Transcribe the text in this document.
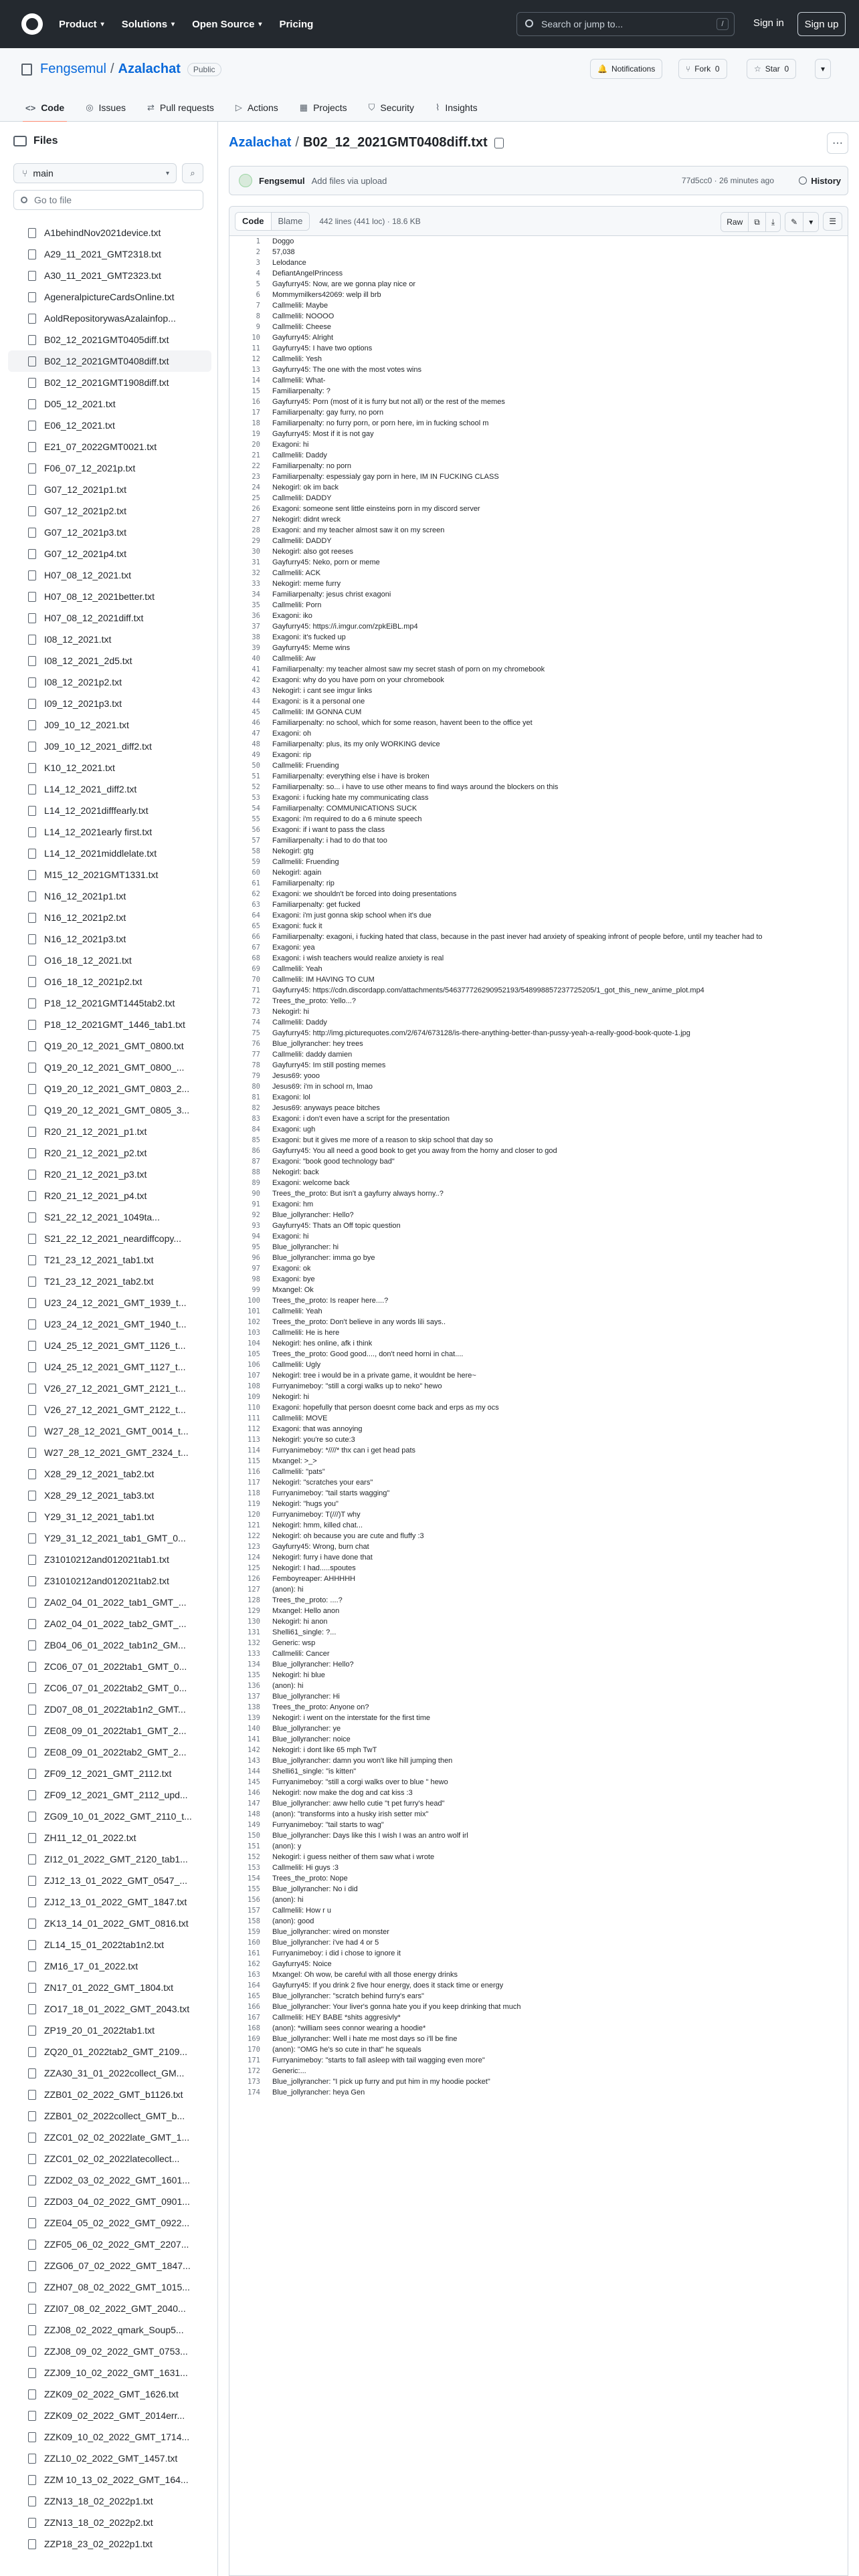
Product ▾ Solutions ▾ Open Source ▾ Pricing	Search or jump to...	/	Sign in	Sign up
Fengsemul / Azalachat	Public	🔔 Notifications	⑂ Fork
0	☆ Star
0	▾
<> Code ◎ Issues ⇄ Pull requests ▷ Actions ▦ Projects ⛉ Security ⌇ Insights
Files
⑂ main	▾ ⌕
Go to file
A1behindNov2021device.txt
A29_11_2021_GMT2318.txt
A30_11_2021_GMT2323.txt
AgeneralpictureCardsOnline.txt
AoldRepositorywasAzalainfop...
B02_12_2021GMT0405diff.txt
B02_12_2021GMT0408diff.txt
B02_12_2021GMT1908diff.txt
D05_12_2021.txt
E06_12_2021.txt
E21_07_2022GMT0021.txt
F06_07_12_2021p.txt
G07_12_2021p1.txt
G07_12_2021p2.txt
G07_12_2021p3.txt
G07_12_2021p4.txt
H07_08_12_2021.txt
H07_08_12_2021better.txt
H07_08_12_2021diff.txt
I08_12_2021.txt
I08_12_2021_2d5.txt
I08_12_2021p2.txt
I09_12_2021p3.txt
J09_10_12_2021.txt
J09_10_12_2021_diff2.txt
K10_12_2021.txt
L14_12_2021_diff2.txt
L14_12_2021difffearly.txt
L14_12_2021early first.txt
L14_12_2021middlelate.txt
M15_12_2021GMT1331.txt
N16_12_2021p1.txt
N16_12_2021p2.txt
N16_12_2021p3.txt
O16_18_12_2021.txt
O16_18_12_2021p2.txt
P18_12_2021GMT1445tab2.txt
P18_12_2021GMT_1446_tab1.txt
Q19_20_12_2021_GMT_0800.txt
Q19_20_12_2021_GMT_0800_...
Q19_20_12_2021_GMT_0803_2...
Q19_20_12_2021_GMT_0805_3...
R20_21_12_2021_p1.txt
R20_21_12_2021_p2.txt
R20_21_12_2021_p3.txt
R20_21_12_2021_p4.txt
S21_22_12_2021_1049ta...
S21_22_12_2021_neardiffcopy...
T21_23_12_2021_tab1.txt
T21_23_12_2021_tab2.txt
U23_24_12_2021_GMT_1939_t...
U23_24_12_2021_GMT_1940_t...
U24_25_12_2021_GMT_1126_t...
U24_25_12_2021_GMT_1127_t...
V26_27_12_2021_GMT_2121_t...
V26_27_12_2021_GMT_2122_t...
W27_28_12_2021_GMT_0014_t...
W27_28_12_2021_GMT_2324_t...
X28_29_12_2021_tab2.txt
X28_29_12_2021_tab3.txt
Y29_31_12_2021_tab1.txt
Y29_31_12_2021_tab1_GMT_0...
Z31010212and012021tab1.txt
Z31010212and012021tab2.txt
ZA02_04_01_2022_tab1_GMT_...
ZA02_04_01_2022_tab2_GMT_...
ZB04_06_01_2022_tab1n2_GM...
ZC06_07_01_2022tab1_GMT_0...
ZC06_07_01_2022tab2_GMT_0...
ZD07_08_01_2022tab1n2_GMT...
ZE08_09_01_2022tab1_GMT_2...
ZE08_09_01_2022tab2_GMT_2...
ZF09_12_2021_GMT_2112.txt
ZF09_12_2021_GMT_2112_upd...
ZG09_10_01_2022_GMT_2110_t...
ZH11_12_01_2022.txt
ZI12_01_2022_GMT_2120_tab1...
ZJ12_13_01_2022_GMT_0547_...
ZJ12_13_01_2022_GMT_1847.txt
ZK13_14_01_2022_GMT_0816.txt
ZL14_15_01_2022tab1n2.txt
ZM16_17_01_2022.txt
ZN17_01_2022_GMT_1804.txt
ZO17_18_01_2022_GMT_2043.txt
ZP19_20_01_2022tab1.txt
ZQ20_01_2022tab2_GMT_2109...
ZZA30_31_01_2022collect_GM...
ZZB01_02_2022_GMT_b1126.txt
ZZB01_02_2022collect_GMT_b...
ZZC01_02_02_2022late_GMT_1...
ZZC01_02_02_2022latecollect...
ZZD02_03_02_2022_GMT_1601...
ZZD03_04_02_2022_GMT_0901...
ZZE04_05_02_2022_GMT_0922...
ZZF05_06_02_2022_GMT_2207...
ZZG06_07_02_2022_GMT_1847...
ZZH07_08_02_2022_GMT_1015...
ZZI07_08_02_2022_GMT_2040...
ZZJ08_02_2022_qmark_Soup5...
ZZJ08_09_02_2022_GMT_0753...
ZZJ09_10_02_2022_GMT_1631...
ZZK09_02_2022_GMT_1626.txt
ZZK09_02_2022_GMT_2014err...
ZZK09_10_02_2022_GMT_1714...
ZZL10_02_2022_GMT_1457.txt
ZZM 10_13_02_2022_GMT_164...
ZZN13_18_02_2022p1.txt
ZZN13_18_02_2022p2.txt
ZZP18_23_02_2022p1.txt
Azalachat / B02_12_2021GMT0408diff.txt	⋯
Fengsemul Add files via upload	77d5cc0 · 26 minutes ago	History
Code	Blame	442 lines (441 loc) · 18.6 KB	Raw	⧉ ⤓ ✎ ▾ ☰
1	Doggo
2	57,038
3	Lelodance
4	DefiantAngelPrincess
5	Gayfurry45: Now, are we gonna play nice or
6	Mommymilkers42069: welp ill brb
7	Callmelili: Maybe
8	Callmelili: NOOOO
9	Callmelili: Cheese
10	Gayfurry45: Alright
11	Gayfurry45: I have two options
12	Callmelili: Yesh
13	Gayfurry45: The one with the most votes wins
14	Callmelili: What-
15	Familiarpenalty: ?
16	Gayfurry45: Porn (most of it is furry but not all) or the rest of the memes
17	Familiarpenalty: gay furry, no porn
18	Familiarpenalty: no furry porn, or porn here, im in fucking school m
19	Gayfurry45: Most if it is not gay
20	Exagoni: hi
21	Callmelili: Daddy
22	Familiarpenalty: no porn
23	Familiarpenalty: espessialy gay porn in here, IM IN FUCKING CLASS
24	Nekogirl: ok im back
25	Callmelili: DADDY
26	Exagoni: someone sent little einsteins porn in my discord server
27	Nekogirl: didnt wreck
28	Exagoni: and my teacher almost saw it on my screen
29	Callmelili: DADDY
30	Nekogirl: also got reeses
31	Gayfurry45: Neko, porn or meme
32	Callmelili: ACK
33	Nekogirl: meme furry
34	Familiarpenalty: jesus christ exagoni
35	Callmelili: Porn
36	Exagoni: iko
37	Gayfurry45: https://i.imgur.com/zpkEiBL.mp4
38	Exagoni: it's fucked up
39	Gayfurry45: Meme wins
40	Callmelili: Aw
41	Familiarpenalty: my teacher almost saw my secret stash of porn on my chromebook
42	Exagoni: why do you have porn on your chromebook
43	Nekogirl: i cant see imgur links
44	Exagoni: is it a personal one
45	Callmelili: IM GONNA CUM
46	Familiarpenalty: no school, which for some reason, havent been to the office yet
47	Exagoni: oh
48	Familiarpenalty: plus, its my only WORKING device
49	Exagoni: rip
50	Callmelili: Fruending
51	Familiarpenalty: everything else i have is broken
52	Familiarpenalty: so... i have to use other means to find ways around the blockers on this
53	Exagoni: i fucking hate my communicating class
54	Familiarpenalty: COMMUNICATIONS SUCK
55	Exagoni: i'm required to do a 6 minute speech
56	Exagoni: if i want to pass the class
57	Familiarpenalty: i had to do that too
58	Nekogirl: gtg
59	Callmelili: Fruending
60	Nekogirl: again
61	Familiarpenalty: rip
62	Exagoni: we shouldn't be forced into doing presentations
63	Familiarpenalty: get fucked
64	Exagoni: i'm just gonna skip school when it's due
65	Exagoni: fuck it
66	Familiarpenalty: exagoni, i fucking hated that class, because in the past inever had anxiety of speaking infront of people before, until my teacher had to
67	Exagoni: yea
68	Exagoni: i wish teachers would realize anxiety is real
69	Callmelili: Yeah
70	Callmelili: IM HAVING TO CUM
71	Gayfurry45: https://cdn.discordapp.com/attachments/546377726290952193/548998857237725205/1_got_this_new_anime_plot.mp4
72	Trees_the_proto: Yello...?
73	Nekogirl: hi
74	Callmelili: Daddy
75	Gayfurry45: http://img.picturequotes.com/2/674/673128/is-there-anything-better-than-pussy-yeah-a-really-good-book-quote-1.jpg
76	Blue_jollyrancher: hey trees
77	Callmelili: daddy damien
78	Gayfurry45: Im still posting memes
79	Jesus69: yooo
80	Jesus69: i'm in school rn, lmao
81	Exagoni: lol
82	Jesus69: anyways peace bitches
83	Exagoni: i don't even have a script for the presentation
84	Exagoni: ugh
85	Exagoni: but it gives me more of a reason to skip school that day so
86	Gayfurry45: You all need a good book to get you away from the horny and closer to god
87	Exagoni: "book good technology bad"
88	Nekogirl: back
89	Exagoni: welcome back
90	Trees_the_proto: But isn't a gayfurry always horny..?
91	Exagoni: hm
92	Blue_jollyrancher: Hello?
93	Gayfurry45: Thats an Off topic question
94	Exagoni: hi
95	Blue_jollyrancher: hi
96	Blue_jollyrancher: imma go bye
97	Exagoni: ok
98	Exagoni: bye
99	Mxangel: Ok
100	Trees_the_proto: Is reaper here....?
101	Callmelili: Yeah
102	Trees_the_proto: Don't believe in any words lili says..
103	Callmelili: He is here
104	Nekogirl: hes online, afk i think
105	Trees_the_proto: Good good...., don't need horni in chat....
106	Callmelili: Ugly
107	Nekogirl: tree i would be in a private game, it wouldnt be here~
108	Furryanimeboy: "still a corgi walks up to neko" hewo
109	Nekogirl: hi
110	Exagoni: hopefully that person doesnt come back and erps as my ocs
111	Callmelili: MOVE
112	Exagoni: that was annoying
113	Nekogirl: you're so cute:3
114	Furryanimeboy: *////* thx can i get head pats
115	Mxangel: >_>
116	Callmelili: "pats"
117	Nekogirl: "scratches your ears"
118	Furryanimeboy: "tail starts wagging"
119	Nekogirl: "hugs you"
120	Furryanimeboy: T(///)T why
121	Nekogirl: hmm, killed chat...
122	Nekogirl: oh because you are cute and fluffy :3
123	Gayfurry45: Wrong, burn chat
124	Nekogirl: furry i have done that
125	Nekogirl: I had.....spoutes
126	Femboyreaper: AHHHHH
127	(anon): hi
128	Trees_the_proto: ....?
129	Mxangel: Hello anon
130	Nekogirl: hi anon
131	Shelli61_single: ?...
132	Generic: wsp
133	Callmelili: Cancer
134	Blue_jollyrancher: Hello?
135	Nekogirl: hi blue
136	(anon): hi
137	Blue_jollyrancher: Hi
138	Trees_the_proto: Anyone on?
139	Nekogirl: i went on the interstate for the first time
140	Blue_jollyrancher: ye
141	Blue_jollyrancher: noice
142	Nekogirl: i dont like 65 mph TwT
143	Blue_jollyrancher: damn you won't like hill jumping then
144	Shelli61_single: "is kitten"
145	Furryanimeboy: "still a corgi walks over to blue " hewo
146	Nekogirl: now make the dog and cat kiss :3
147	Blue_jollyrancher: aww hello cutie "t pet furry's head"
148	(anon): "transforms into a husky irish setter mix"
149	Furryanimeboy: "tail starts to wag"
150	Blue_jollyrancher: Days like this I wish I was an antro wolf irl
151	(anon): y
152	Nekogirl: i guess neither of them saw what i wrote
153	Callmelili: Hi guys :3
154	Trees_the_proto: Nope
155	Blue_jollyrancher: No i did
156	(anon): hi
157	Callmelili: How r u
158	(anon): good
159	Blue_jollyrancher: wired on monster
160	Blue_jollyrancher: i've had 4 or 5
161	Furryanimeboy: i did i chose to ignore it
162	Gayfurry45: Noice
163	Mxangel: Oh wow, be careful with all those energy drinks
164	Gayfurry45: If you drink 2 five hour energy, does it stack time or energy
165	Blue_jollyrancher: "scratch behind furry's ears"
166	Blue_jollyrancher: Your liver's gonna hate you if you keep drinking that much
167	Callmelili: HEY BABE *shits aggresivly*
168	(anon): *william sees connor wearing a hoodie*
169	Blue_jollyrancher: Well i hate me most days so i'll be fine
170	(anon): "OMG he's so cute in that" he squeals
171	Furryanimeboy: "starts to fall asleep with tail wagging even more"
172	Generic:...
173	Blue_jollyrancher: "I pick up furry and put him in my hoodie pocket"
174	Blue_jollyrancher: heya Gen
